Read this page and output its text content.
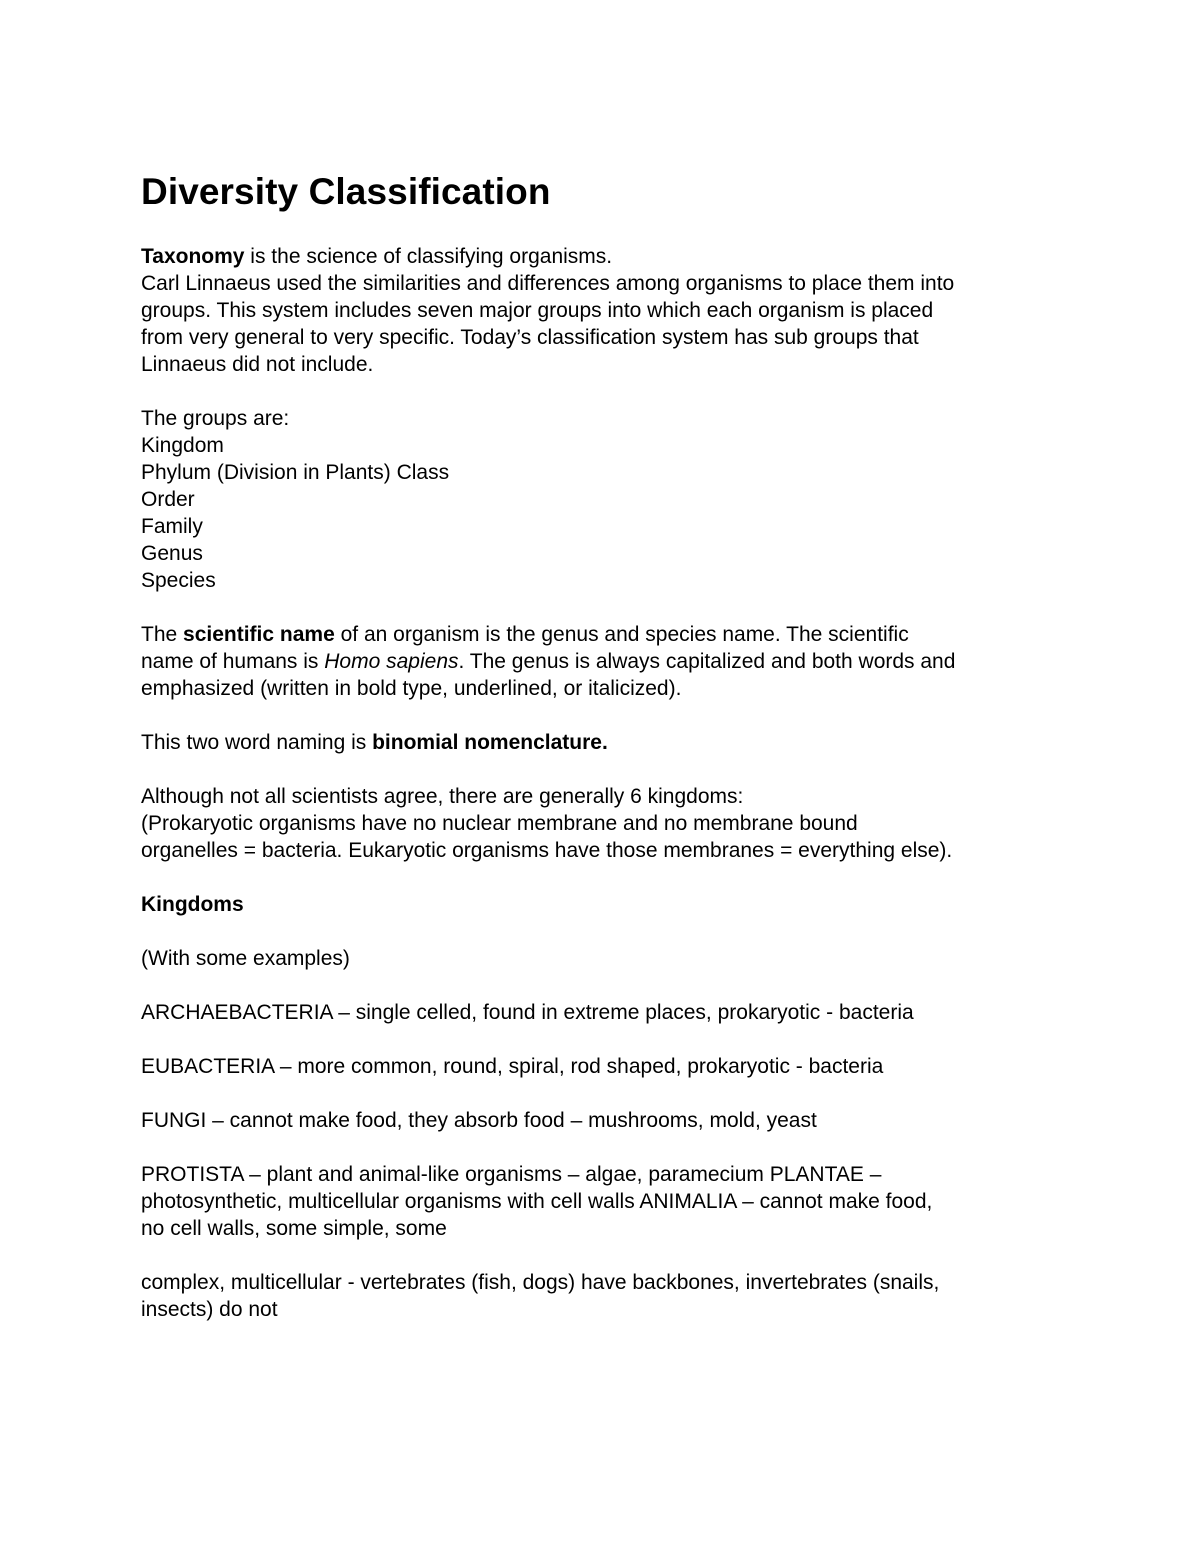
Diversity Classification

Taxonomy is the science of classifying organisms.

Carl Linnaeus used the similarities and differences among organisms to place them into
groups. This system includes seven major groups into which each organism is placed
from very general to very specific. Today’s classification system has sub groups that
Linnaeus did not include.

The groups are:
Kingdom
Phylum (Division in Plants) Class
Order
Family
Genus
Species

The scientific name of an organism is the genus and species name. The scientific
name of humans is Homo sapiens. The genus is always capitalized and both words and
emphasized (written in bold type, underlined, or italicized).

This two word naming is binomial nomenclature.

Although not all scientists agree, there are generally 6 kingdoms:
(Prokaryotic organisms have no nuclear membrane and no membrane bound
organelles = bacteria. Eukaryotic organisms have those membranes = everything else).

Kingdoms

(With some examples)

ARCHAEBACTERIA – single celled, found in extreme places, prokaryotic - bacteria

EUBACTERIA – more common, round, spiral, rod shaped, prokaryotic - bacteria

FUNGI – cannot make food, they absorb food – mushrooms, mold, yeast

PROTISTA – plant and animal-like organisms – algae, paramecium PLANTAE –
photosynthetic, multicellular organisms with cell walls ANIMALIA – cannot make food,
no cell walls, some simple, some

complex, multicellular - vertebrates (fish, dogs) have backbones, invertebrates (snails,
insects) do not
